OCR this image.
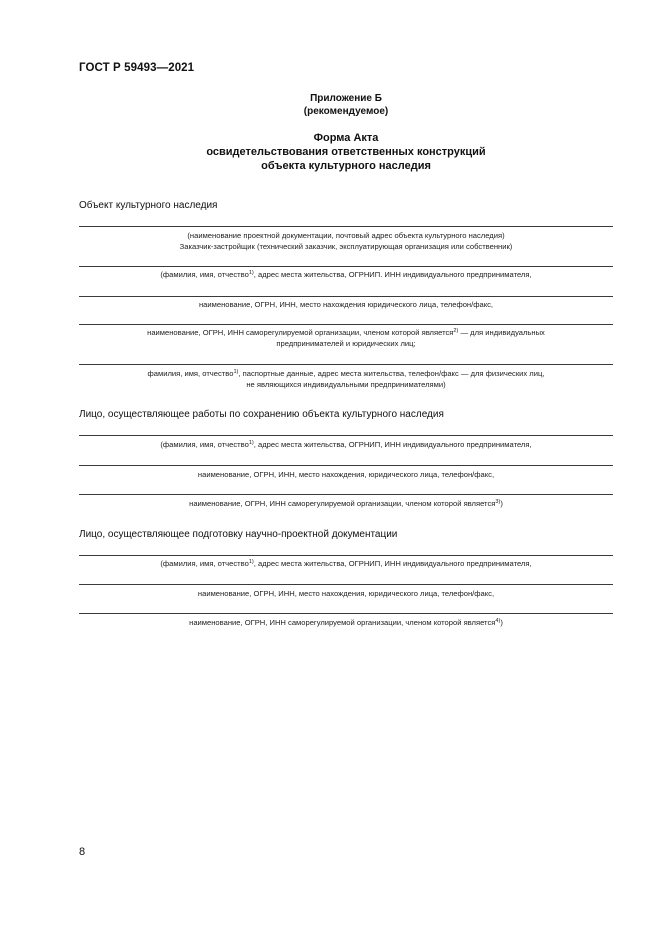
ГОСТ Р 59493—2021
Приложение Б
(рекомендуемое)
Форма Акта
освидетельствования ответственных конструкций
объекта культурного наследия
Объект культурного наследия
(наименование проектной документации, почтовый адрес объекта культурного наследия)
Заказчик-застройщик (технический заказчик, эксплуатирующая организация или собственник)
(фамилия, имя, отчество$^{1)}$, адрес места жительства, ОГРНИП. ИНН индивидуального предпринимателя,
наименование, ОГРН, ИНН, место нахождения юридического лица, телефон/факс,
наименование, ОГРН, ИНН саморегулируемой организации, членом которой является$^{2)}$ — для индивидуальных
предпринимателей и юридических лиц;
фамилия, имя, отчество$^{1)}$, паспортные данные, адрес места жительства, телефон/факс — для физических лиц,
не являющихся индивидуальными предпринимателями)
Лицо, осуществляющее работы по сохранению объекта культурного наследия
(фамилия, имя, отчество$^{1)}$, адрес места жительства, ОГРНИП, ИНН индивидуального предпринимателя,
наименование, ОГРН, ИНН, место нахождения, юридического лица, телефон/факс,
наименование, ОГРН, ИНН саморегулируемой организации, членом которой является$^{3)}$)
Лицо, осуществляющее подготовку научно-проектной документации
(фамилия, имя, отчество$^{1)}$, адрес места жительства, ОГРНИП, ИНН индивидуального предпринимателя,
наименование, ОГРН, ИНН, место нахождения, юридического лица, телефон/факс,
наименование, ОГРН, ИНН саморегулируемой организации, членом которой является$^{4)}$)
8
